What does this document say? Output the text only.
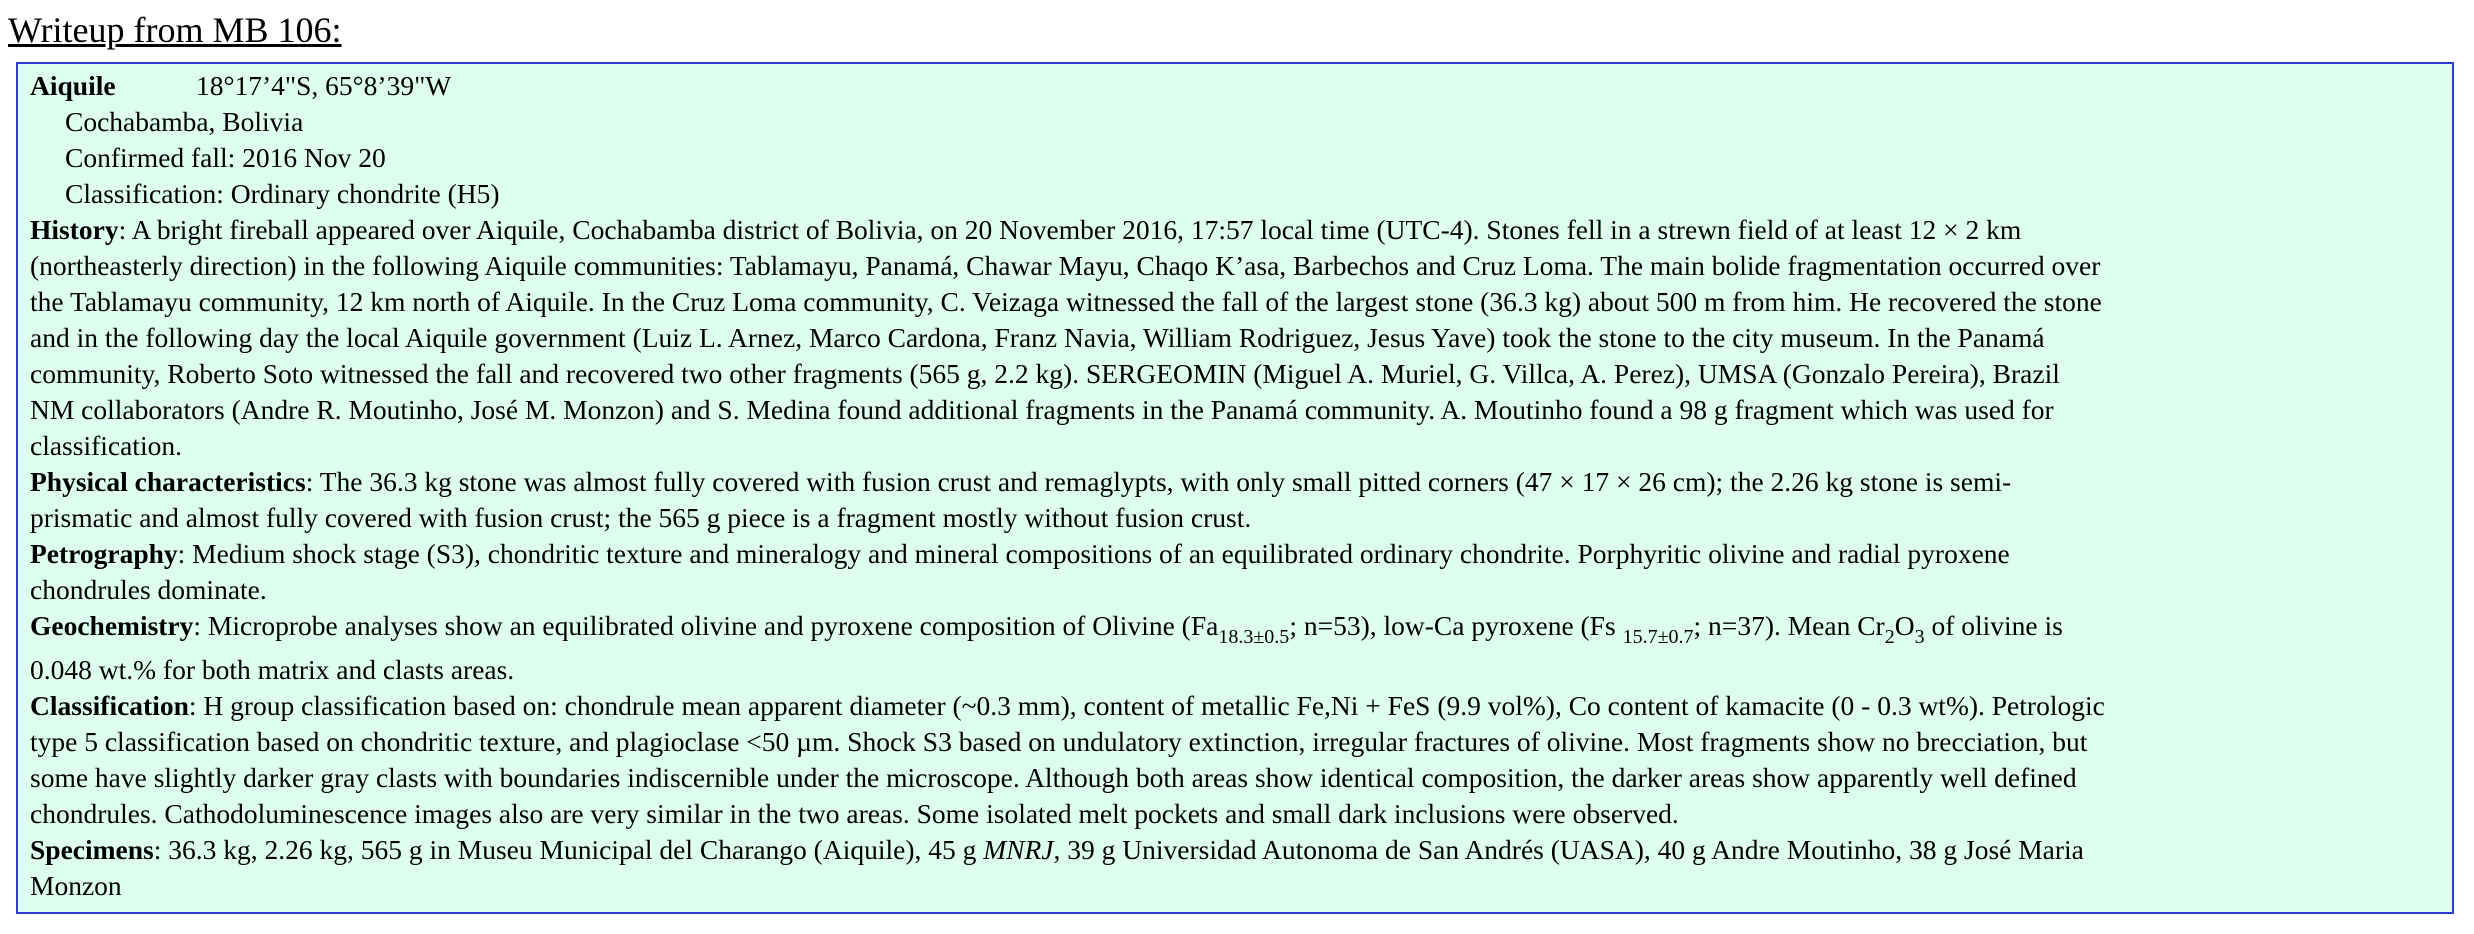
Writeup from MB 106:
Aiquile	18°17’4"S, 65°8’39"W
Cochabamba, Bolivia
Confirmed fall: 2016 Nov 20
Classification: Ordinary chondrite (H5)
History: A bright fireball appeared over Aiquile, Cochabamba district of Bolivia, on 20 November 2016, 17:57 local time (UTC-4). Stones fell in a strewn field of at least 12 × 2 km
(northeasterly direction) in the following Aiquile communities: Tablamayu, Panamá, Chawar Mayu, Chaqo K’asa, Barbechos and Cruz Loma. The main bolide fragmentation occurred over
the Tablamayu community, 12 km north of Aiquile. In the Cruz Loma community, C. Veizaga witnessed the fall of the largest stone (36.3 kg) about 500 m from him. He recovered the stone
and in the following day the local Aiquile government (Luiz L. Arnez, Marco Cardona, Franz Navia, William Rodriguez, Jesus Yave) took the stone to the city museum. In the Panamá
community, Roberto Soto witnessed the fall and recovered two other fragments (565 g, 2.2 kg). SERGEOMIN (Miguel A. Muriel, G. Villca, A. Perez), UMSA (Gonzalo Pereira), Brazil
NM collaborators (Andre R. Moutinho, José M. Monzon) and S. Medina found additional fragments in the Panamá community. A. Moutinho found a 98 g fragment which was used for
classification.
Physical characteristics: The 36.3 kg stone was almost fully covered with fusion crust and remaglypts, with only small pitted corners (47 × 17 × 26 cm); the 2.26 kg stone is semi-
prismatic and almost fully covered with fusion crust; the 565 g piece is a fragment mostly without fusion crust.
Petrography: Medium shock stage (S3), chondritic texture and mineralogy and mineral compositions of an equilibrated ordinary chondrite. Porphyritic olivine and radial pyroxene
chondrules dominate.
Geochemistry: Microprobe analyses show an equilibrated olivine and pyroxene composition of Olivine ($Fa_{18.3\pm 0.5}$; n=53), low-Ca pyroxene (Fs $_{15.7\pm 0.7}$; n=37). Mean $Cr_2O_3$ of olivine is
0.048 wt.% for both matrix and clasts areas.
Classification: H group classification based on: chondrule mean apparent diameter (~0.3 mm), content of metallic Fe,Ni + FeS (9.9 vol%), Co content of kamacite (0 - 0.3 wt%). Petrologic
type 5 classification based on chondritic texture, and plagioclase <50 µm. Shock S3 based on undulatory extinction, irregular fractures of olivine. Most fragments show no brecciation, but
some have slightly darker gray clasts with boundaries indiscernible under the microscope. Although both areas show identical composition, the darker areas show apparently well defined
chondrules. Cathodoluminescence images also are very similar in the two areas. Some isolated melt pockets and small dark inclusions were observed.
Specimens: 36.3 kg, 2.26 kg, 565 g in Museu Municipal del Charango (Aiquile), 45 g MNRJ, 39 g Universidad Autonoma de San Andrés (UASA), 40 g Andre Moutinho, 38 g José Maria
Monzon
